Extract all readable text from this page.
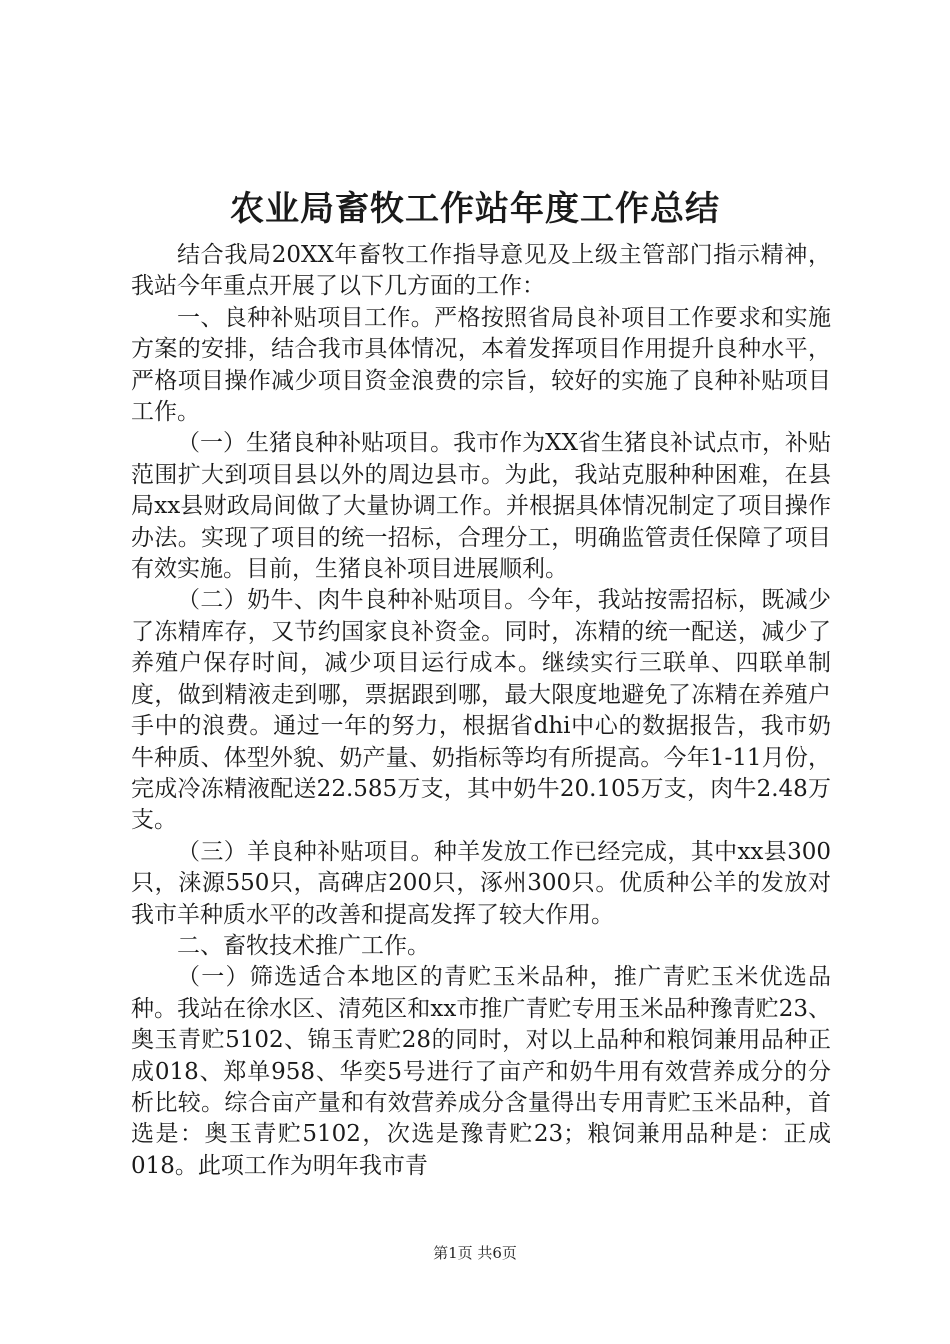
农业局畜牧工作站年度工作总结

结合我局20XX年畜牧工作指导意见及上级主管部门指示精神，我站今年重点开展了以下几方面的工作：

一、良种补贴项目工作。严格按照省局良补项目工作要求和实施方案的安排，结合我市具体情况，本着发挥项目作用提升良种水平，严格项目操作减少项目资金浪费的宗旨，较好的实施了良种补贴项目工作。

（一）生猪良种补贴项目。我市作为XX省生猪良补试点市，补贴范围扩大到项目县以外的周边县市。为此，我站克服种种困难，在县局xx县财政局间做了大量协调工作。并根据具体情况制定了项目操作办法。实现了项目的统一招标，合理分工，明确监管责任保障了项目有效实施。目前，生猪良补项目进展顺利。

（二）奶牛、肉牛良种补贴项目。今年，我站按需招标，既减少了冻精库存，又节约国家良补资金。同时，冻精的统一配送，减少了养殖户保存时间，减少项目运行成本。继续实行三联单、四联单制度，做到精液走到哪，票据跟到哪，最大限度地避免了冻精在养殖户手中的浪费。通过一年的努力，根据省dhi中心的数据报告，我市奶牛种质、体型外貌、奶产量、奶指标等均有所提高。今年1-11月份，完成冷冻精液配送22.585万支，其中奶牛20.105万支，肉牛2.48万支。

（三）羊良种补贴项目。种羊发放工作已经完成，其中xx县300只，涞源550只，高碑店200只，涿州300只。优质种公羊的发放对我市羊种质水平的改善和提高发挥了较大作用。

二、畜牧技术推广工作。

（一）筛选适合本地区的青贮玉米品种，推广青贮玉米优选品种。我站在徐水区、清苑区和xx市推广青贮专用玉米品种豫青贮23、奥玉青贮5102、锦玉青贮28的同时，对以上品种和粮饲兼用品种正成018、郑单958、华奕5号进行了亩产和奶牛用有效营养成分的分析比较。综合亩产量和有效营养成分含量得出专用青贮玉米品种，首选是：奥玉青贮5102，次选是豫青贮23；粮饲兼用品种是：正成018。此项工作为明年我市青

第1页 共6页
